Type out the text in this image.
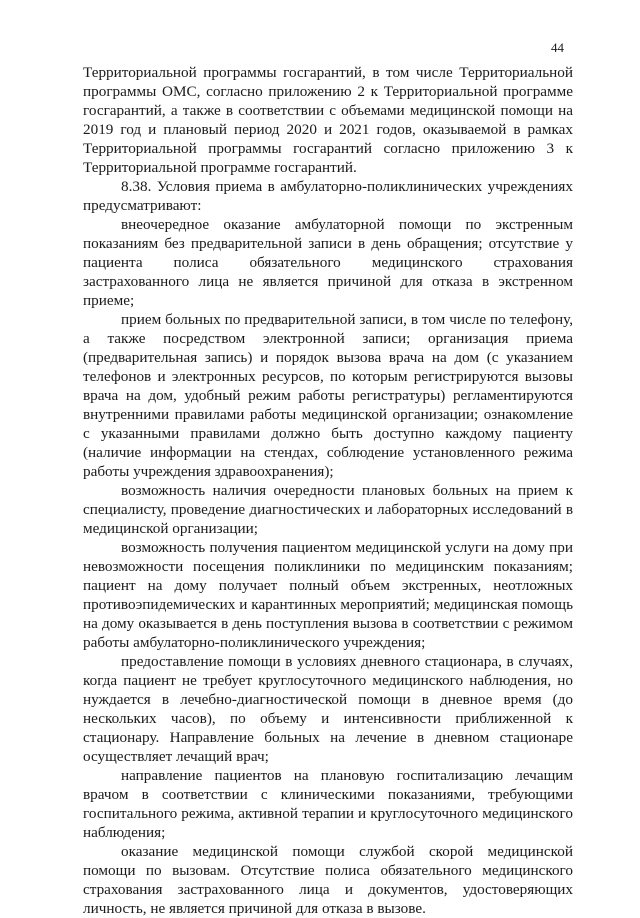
44

Территориальной программы госгарантий, в том числе Территориальной программы ОМС, согласно приложению 2 к Территориальной программе госгарантий, а также в соответствии с объемами медицинской помощи на 2019 год и плановый период 2020 и 2021 годов, оказываемой в рамках Территориальной программы госгарантий согласно приложению 3 к Территориальной программе госгарантий.

8.38. Условия приема в амбулаторно-поликлинических учреждениях предусматривают:

внеочередное оказание амбулаторной помощи по экстренным показаниям без предварительной записи в день обращения; отсутствие у пациента полиса обязательного медицинского страхования застрахованного лица не является причиной для отказа в экстренном приеме;

прием больных по предварительной записи, в том числе по телефону, а также посредством электронной записи; организация приема (предварительная запись) и порядок вызова врача на дом (с указанием телефонов и электронных ресурсов, по которым регистрируются вызовы врача на дом, удобный режим работы регистратуры) регламентируются внутренними правилами работы медицинской организации; ознакомление с указанными правилами должно быть доступно каждому пациенту (наличие информации на стендах, соблюдение установленного режима работы учреждения здравоохранения);

возможность наличия очередности плановых больных на прием к специалисту, проведение диагностических и лабораторных исследований в медицинской организации;

возможность получения пациентом медицинской услуги на дому при невозможности посещения поликлиники по медицинским показаниям; пациент на дому получает полный объем экстренных, неотложных противоэпидемических и карантинных мероприятий; медицинская помощь на дому оказывается в день поступления вызова в соответствии с режимом работы амбулаторно-поликлинического учреждения;

предоставление помощи в условиях дневного стационара, в случаях, когда пациент не требует круглосуточного медицинского наблюдения, но нуждается в лечебно-диагностической помощи в дневное время (до нескольких часов), по объему и интенсивности приближенной к стационару. Направление больных на лечение в дневном стационаре осуществляет лечащий врач;

направление пациентов на плановую госпитализацию лечащим врачом в соответствии с клиническими показаниями, требующими госпитального режима, активной терапии и круглосуточного медицинского наблюдения;

оказание медицинской помощи службой скорой медицинской помощи по вызовам. Отсутствие полиса обязательного медицинского страхования застрахованного лица и документов, удостоверяющих личность, не является причиной для отказа в вызове.
